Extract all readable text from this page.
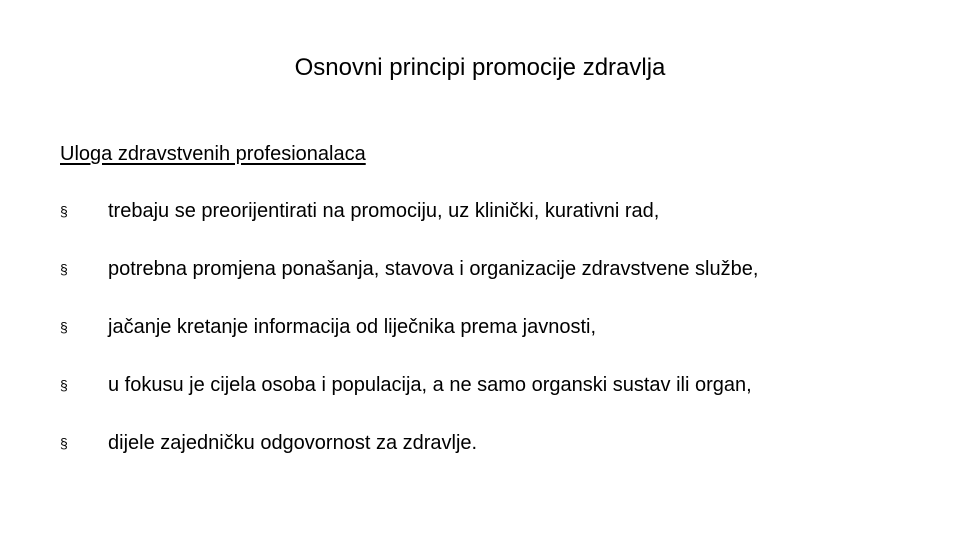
Osnovni principi promocije zdravlja

Uloga zdravstvenih profesionalaca

§	trebaju se preorijentirati na promociju, uz klinički, kurativni rad,
§	potrebna promjena ponašanja, stavova i organizacije zdravstvene službe,
§	jačanje kretanje informacija od liječnika prema javnosti,
§	u fokusu je cijela osoba i populacija, a ne samo organski sustav ili organ,
§	dijele zajedničku odgovornost za zdravlje.
